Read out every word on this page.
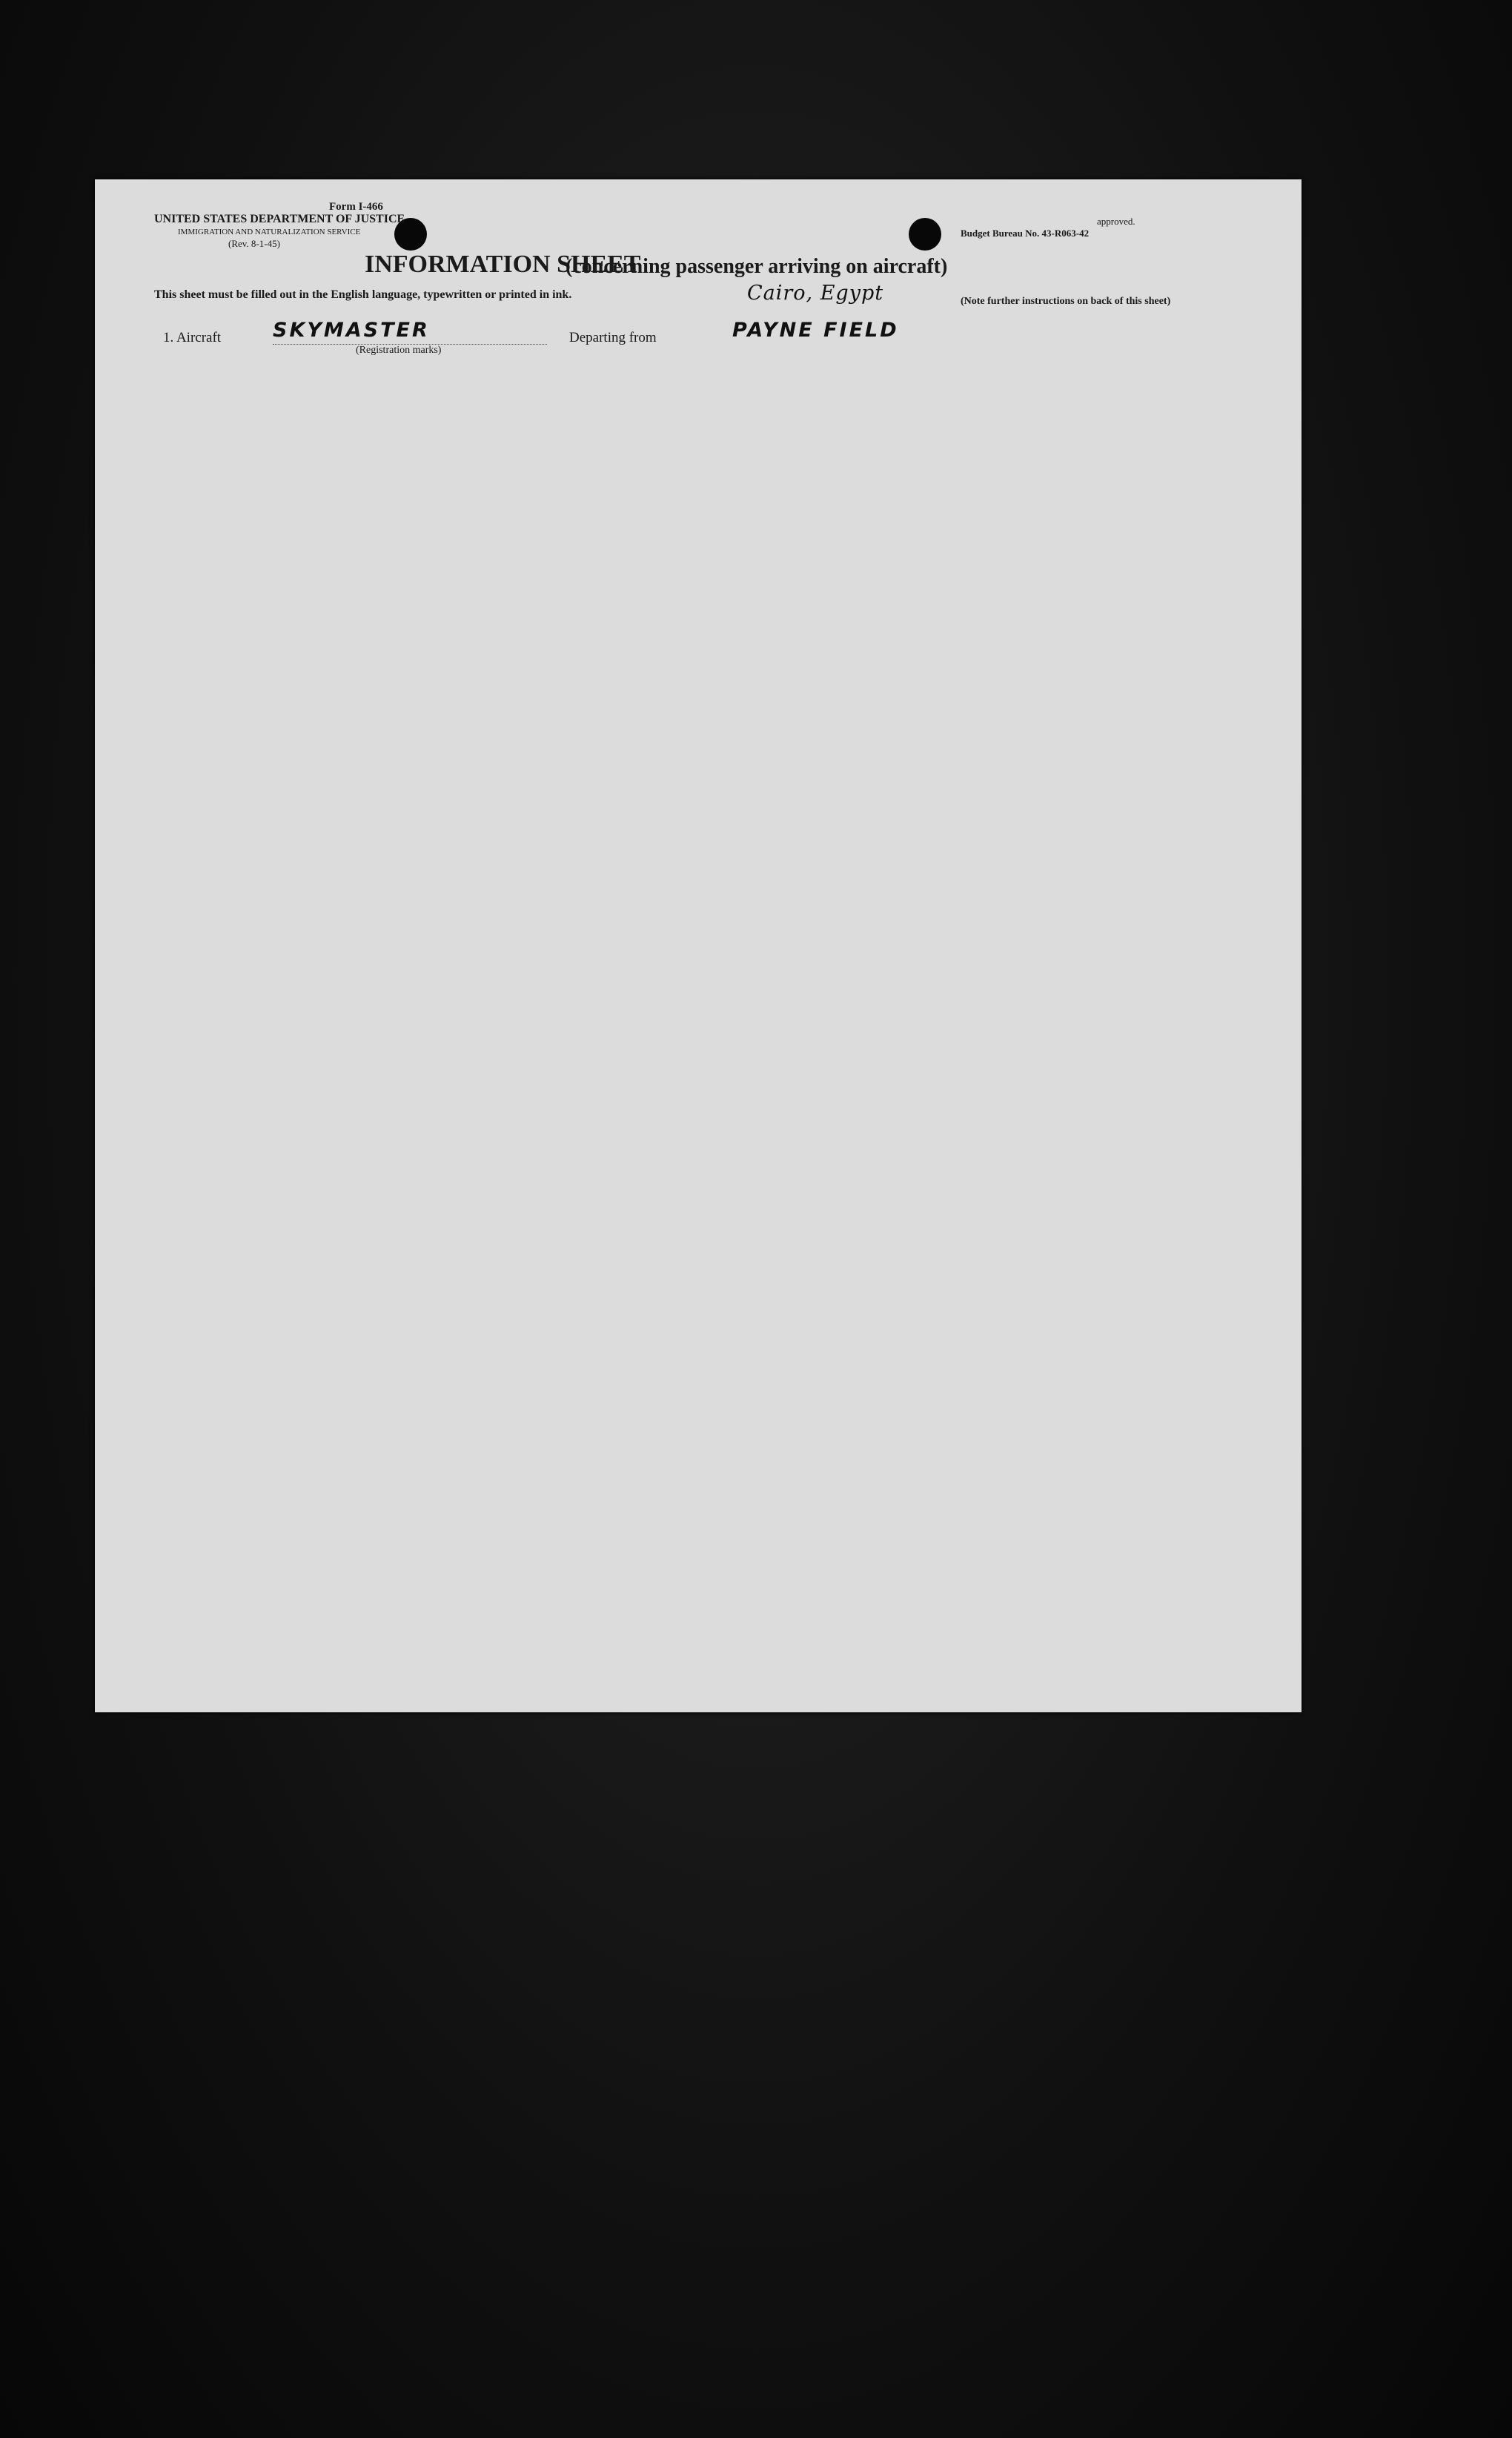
Form I-466
UNITED STATES DEPARTMENT OF JUSTICE
IMMIGRATION AND NATURALIZATION SERVICE
(Rev. 8-1-45)
approved.
Budget Bureau No. 43-R063-42
INFORMATION SHEET
(concerning passenger arriving on aircraft)
This sheet must be filled out in the English language, typewritten or printed in ink.
(Note further instructions on back of this sheet)
1. Aircraft	SKYMASTER
(Registration marks)
Departing from
Cairo, Egypt
PAYNE FIELD
